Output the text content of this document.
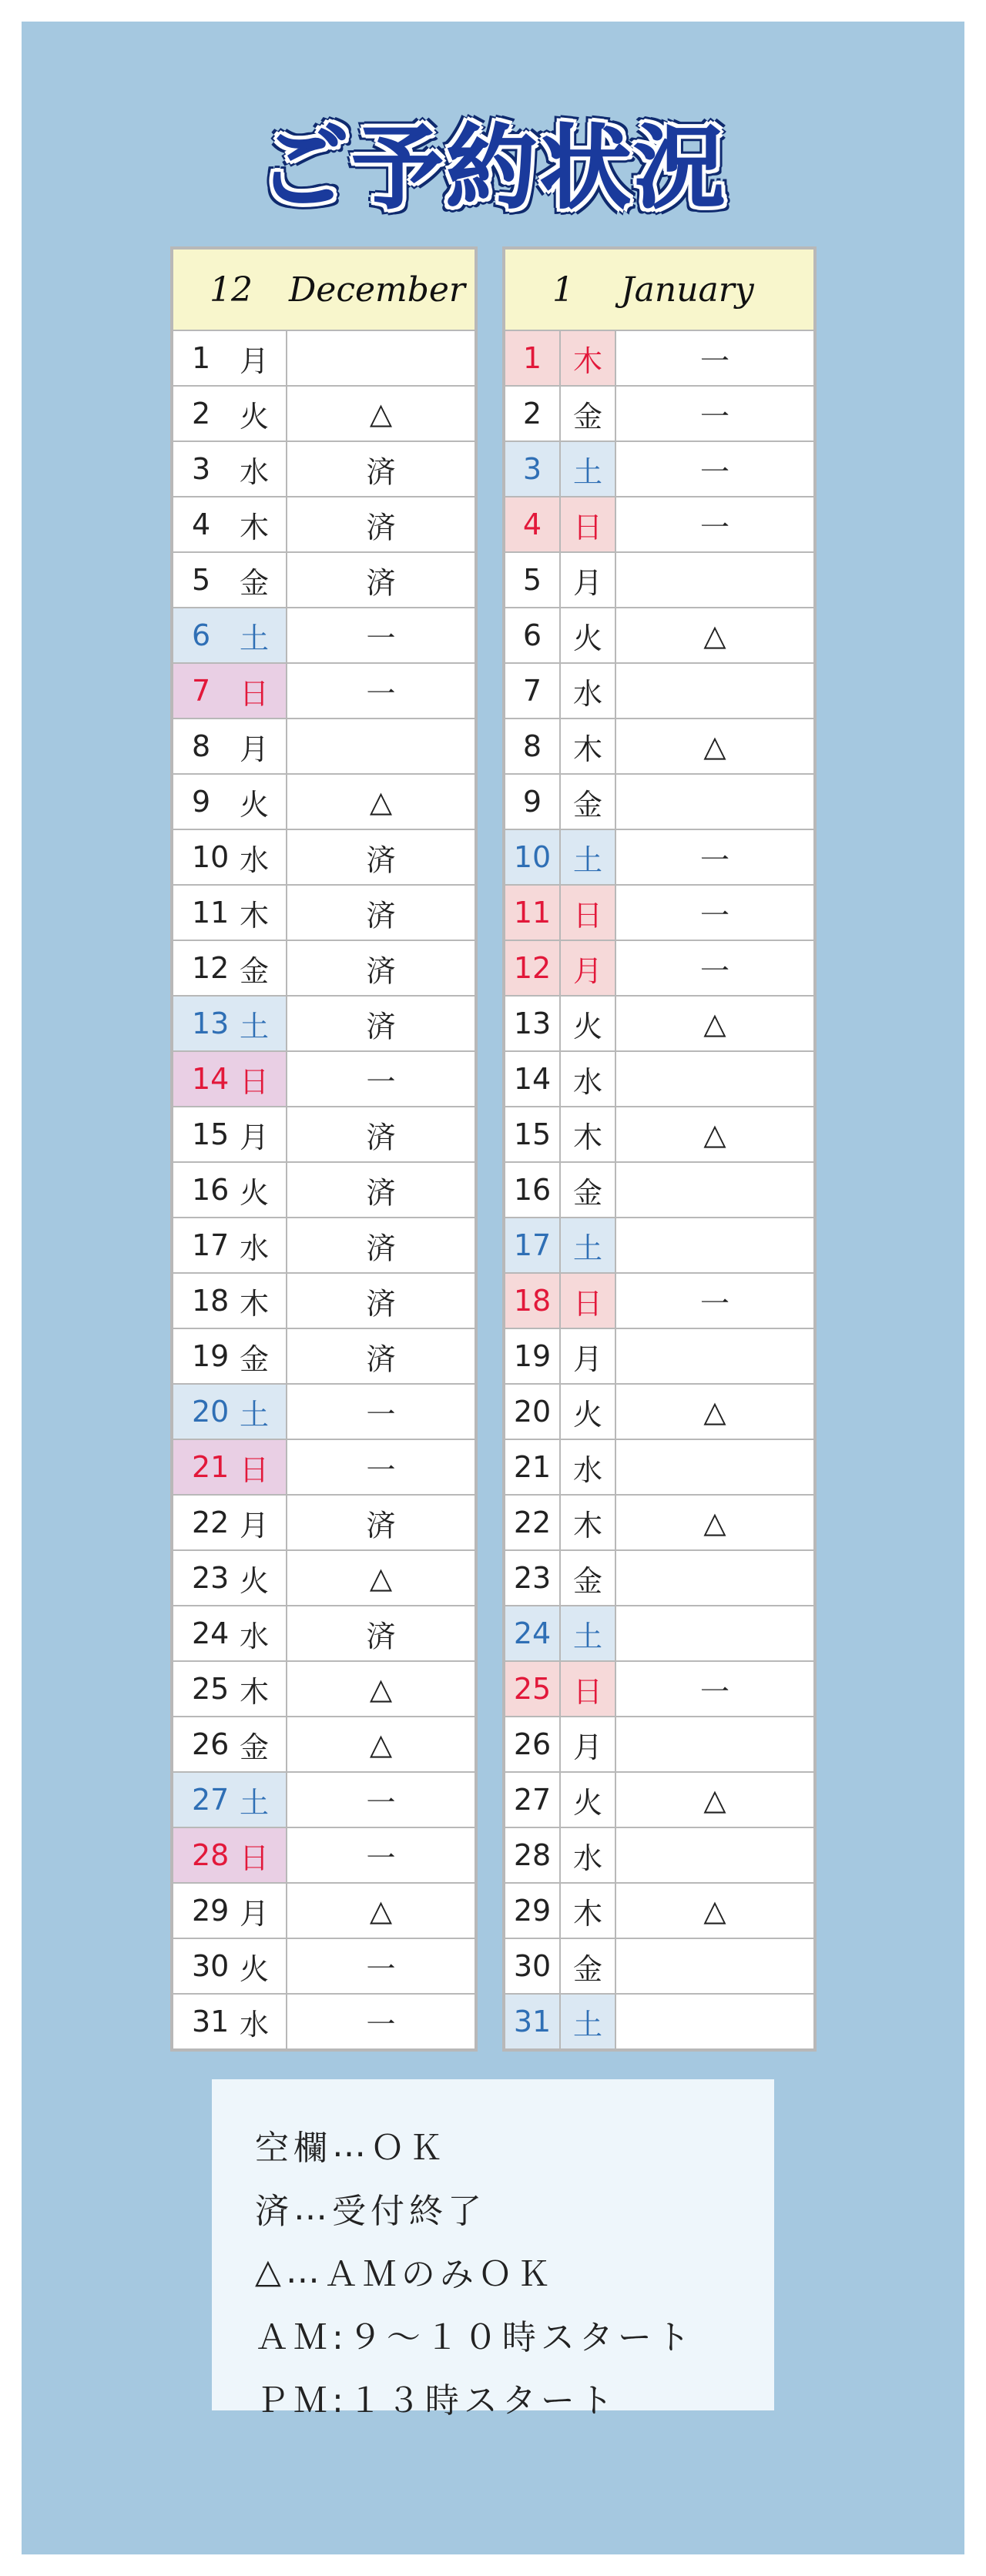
ご予約状況
12	December
1 月
2 火	△
3 水	済
4 木	済
5 金	済
6 土	一
7 日	一
8 月
9 火	△
10 水	済
11 木	済
12 金	済
13 土	済
14 日	一
15 月	済
16 火	済
17 水	済
18 木	済
19 金	済
20 土	一
21 日	一
22 月	済
23 火	△
24 水	済
25 木	△
26 金	△
27 土	一
28 日	一
29 月	△
30 火	一
31 水	一
1	January
1	木	一
2	金	一
3	土	一
4	日	一
5	月
6	火	△
7	水
8	木	△
9	金
10 土	一
11 日	一
12 月	一
13 火	△
14 水
15 木	△
16 金
17 土
18 日	一
19 月
20 火	△
21 水
22 木	△
23 金
24 土
25 日	一
26 月
27 火	△
28 水
29 木	△
30 金
31 土
空欄 … ＯＫ
済 … 受付終了
△ … ＡＭのみＯＫ
ＡＭ: ９～１０時スタート
ＰＭ: １３時スタート
